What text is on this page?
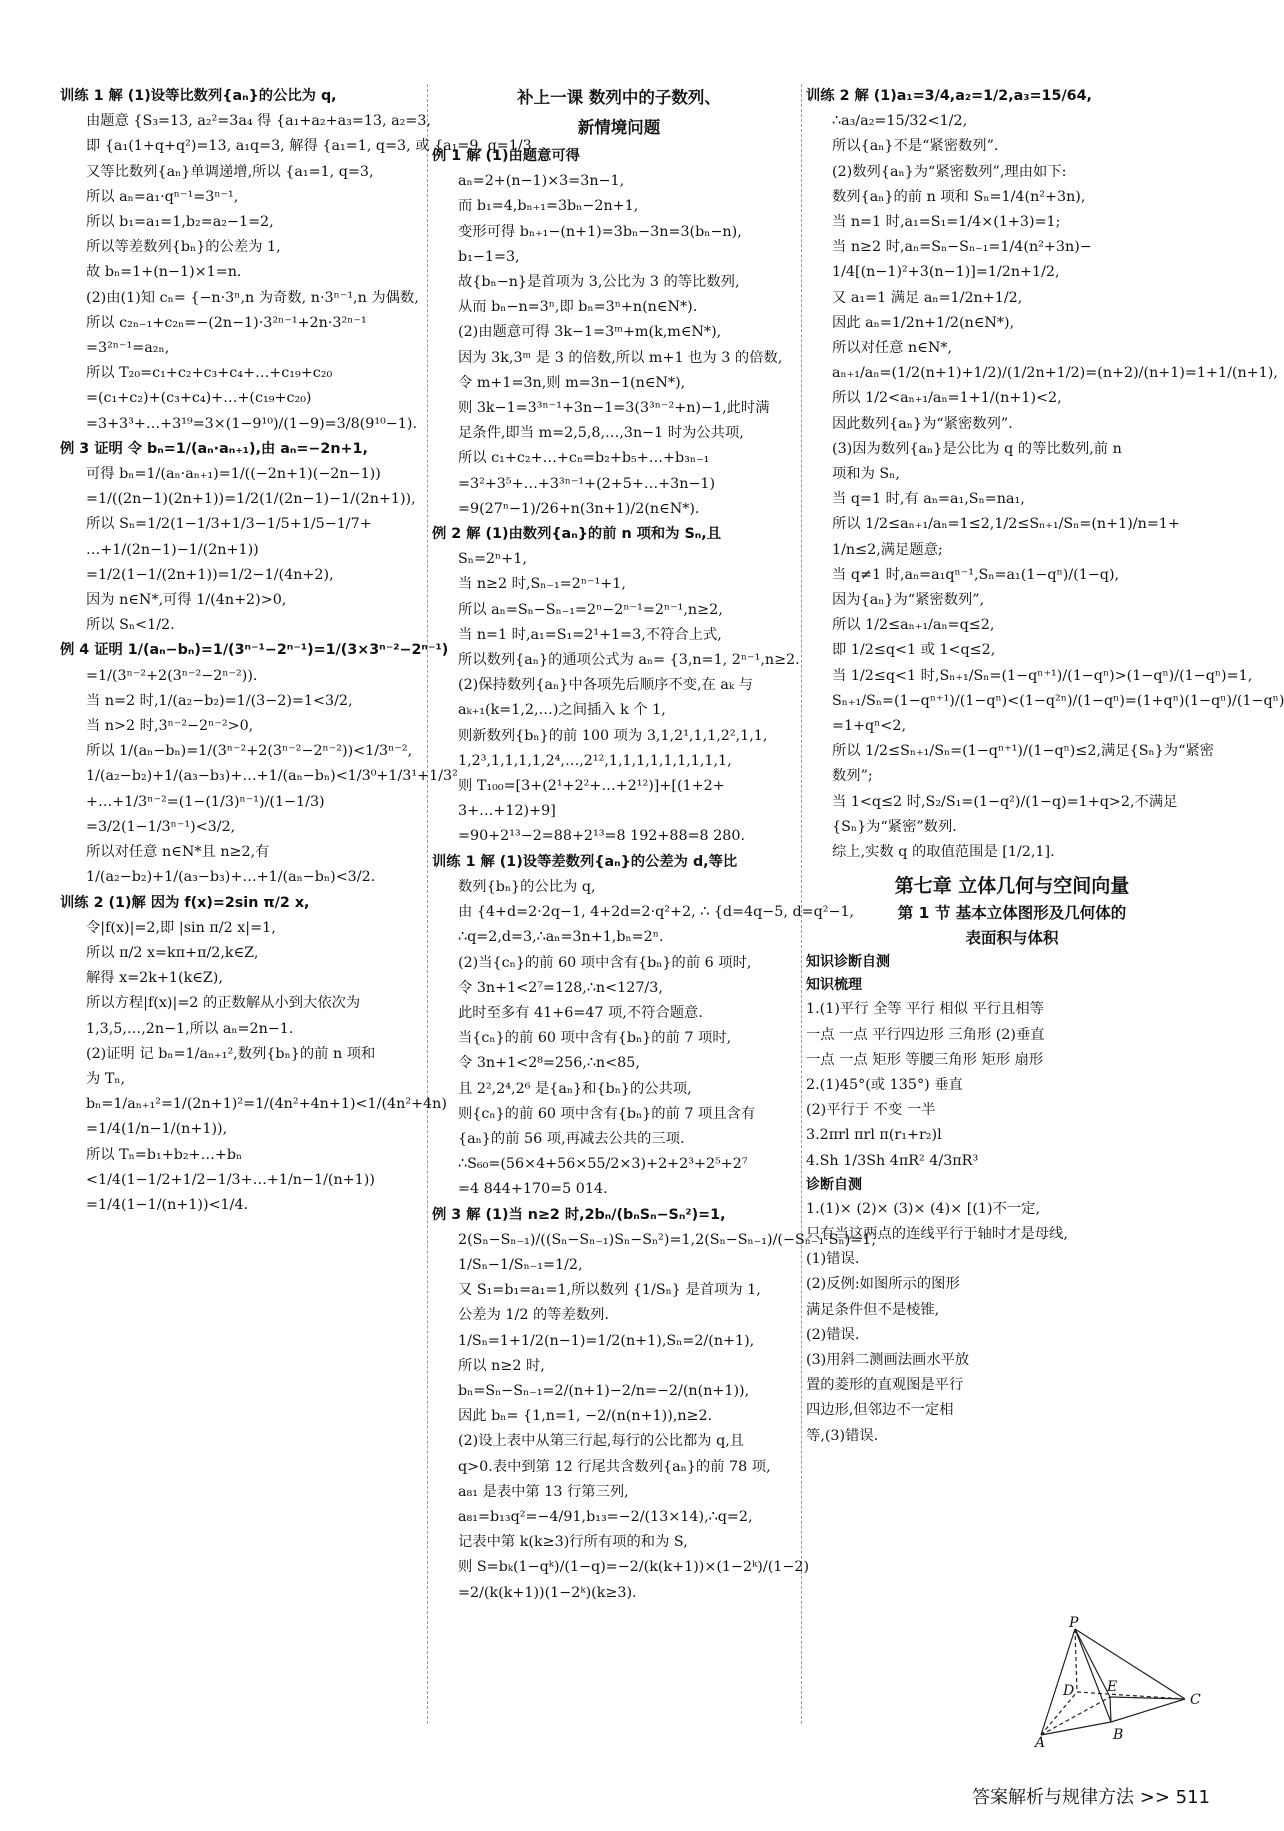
训练 1 解 (1)设等比数列{aₙ}的公比为 q,
由题意 {S₃=13, a₂²=3a₄ 得 {a₁+a₂+a₃=13, a₂=3,
即 {a₁(1+q+q²)=13, a₁q=3, 解得 {a₁=1, q=3, 或 {a₁=9, q=1/3.
又等比数列{aₙ}单调递增,所以 {a₁=1, q=3,
所以 aₙ=a₁·qⁿ⁻¹=3ⁿ⁻¹,
所以 b₁=a₁=1,b₂=a₂−1=2,
所以等差数列{bₙ}的公差为 1,
故 bₙ=1+(n−1)×1=n.
(2)由(1)知 cₙ= {−n·3ⁿ,n 为奇数, n·3ⁿ⁻¹,n 为偶数,
所以 c₂ₙ₋₁+c₂ₙ=−(2n−1)·3²ⁿ⁻¹+2n·3²ⁿ⁻¹
=3²ⁿ⁻¹=a₂ₙ,
所以 T₂₀=c₁+c₂+c₃+c₄+…+c₁₉+c₂₀
=(c₁+c₂)+(c₃+c₄)+…+(c₁₉+c₂₀)
=3+3³+…+3¹⁹=3×(1−9¹⁰)/(1−9)=3/8(9¹⁰−1).
例 3 证明 令 bₙ=1/(aₙ·aₙ₊₁),由 aₙ=−2n+1,
可得 bₙ=1/(aₙ·aₙ₊₁)=1/((−2n+1)(−2n−1))
=1/((2n−1)(2n+1))=1/2(1/(2n−1)−1/(2n+1)),
所以 Sₙ=1/2(1−1/3+1/3−1/5+1/5−1/7+
…+1/(2n−1)−1/(2n+1))
=1/2(1−1/(2n+1))=1/2−1/(4n+2),
因为 n∈N*,可得 1/(4n+2)>0,
所以 Sₙ<1/2.
例 4 证明 1/(aₙ−bₙ)=1/(3ⁿ⁻¹−2ⁿ⁻¹)=1/(3×3ⁿ⁻²−2ⁿ⁻¹)
=1/(3ⁿ⁻²+2(3ⁿ⁻²−2ⁿ⁻²)).
当 n=2 时,1/(a₂−b₂)=1/(3−2)=1<3/2,
当 n>2 时,3ⁿ⁻²−2ⁿ⁻²>0,
所以 1/(aₙ−bₙ)=1/(3ⁿ⁻²+2(3ⁿ⁻²−2ⁿ⁻²))<1/3ⁿ⁻²,
1/(a₂−b₂)+1/(a₃−b₃)+…+1/(aₙ−bₙ)<1/3⁰+1/3¹+1/3²
+…+1/3ⁿ⁻²=(1−(1/3)ⁿ⁻¹)/(1−1/3)
=3/2(1−1/3ⁿ⁻¹)<3/2,
所以对任意 n∈N*且 n≥2,有
1/(a₂−b₂)+1/(a₃−b₃)+…+1/(aₙ−bₙ)<3/2.
训练 2 (1)解 因为 f(x)=2sin π/2 x,
令|f(x)|=2,即 |sin π/2 x|=1,
所以 π/2 x=kπ+π/2,k∈Z,
解得 x=2k+1(k∈Z),
所以方程|f(x)|=2 的正数解从小到大依次为
1,3,5,…,2n−1,所以 aₙ=2n−1.
(2)证明 记 bₙ=1/aₙ₊₁²,数列{bₙ}的前 n 项和
为 Tₙ,
bₙ=1/aₙ₊₁²=1/(2n+1)²=1/(4n²+4n+1)<1/(4n²+4n)
=1/4(1/n−1/(n+1)),
所以 Tₙ=b₁+b₂+…+bₙ
<1/4(1−1/2+1/2−1/3+…+1/n−1/(n+1))
=1/4(1−1/(n+1))<1/4.
补上一课 数列中的子数列、
新情境问题
例 1 解 (1)由题意可得
aₙ=2+(n−1)×3=3n−1,
而 b₁=4,bₙ₊₁=3bₙ−2n+1,
变形可得 bₙ₊₁−(n+1)=3bₙ−3n=3(bₙ−n),
b₁−1=3,
故{bₙ−n}是首项为 3,公比为 3 的等比数列,
从而 bₙ−n=3ⁿ,即 bₙ=3ⁿ+n(n∈N*).
(2)由题意可得 3k−1=3ᵐ+m(k,m∈N*),
因为 3k,3ᵐ 是 3 的倍数,所以 m+1 也为 3 的倍数,
令 m+1=3n,则 m=3n−1(n∈N*),
则 3k−1=3³ⁿ⁻¹+3n−1=3(3³ⁿ⁻²+n)−1,此时满
足条件,即当 m=2,5,8,…,3n−1 时为公共项,
所以 c₁+c₂+…+cₙ=b₂+b₅+…+b₃ₙ₋₁
=3²+3⁵+…+3³ⁿ⁻¹+(2+5+…+3n−1)
=9(27ⁿ−1)/26+n(3n+1)/2(n∈N*).
例 2 解 (1)由数列{aₙ}的前 n 项和为 Sₙ,且
Sₙ=2ⁿ+1,
当 n≥2 时,Sₙ₋₁=2ⁿ⁻¹+1,
所以 aₙ=Sₙ−Sₙ₋₁=2ⁿ−2ⁿ⁻¹=2ⁿ⁻¹,n≥2,
当 n=1 时,a₁=S₁=2¹+1=3,不符合上式,
所以数列{aₙ}的通项公式为 aₙ= {3,n=1, 2ⁿ⁻¹,n≥2.
(2)保持数列{aₙ}中各项先后顺序不变,在 aₖ 与
aₖ₊₁(k=1,2,…)之间插入 k 个 1,
则新数列{bₙ}的前 100 项为 3,1,2¹,1,1,2²,1,1,
1,2³,1,1,1,1,2⁴,…,2¹²,1,1,1,1,1,1,1,1,1,
则 T₁₀₀=[3+(2¹+2²+…+2¹²)]+[(1+2+
3+…+12)+9]
=90+2¹³−2=88+2¹³=8 192+88=8 280.
训练 1 解 (1)设等差数列{aₙ}的公差为 d,等比
数列{bₙ}的公比为 q,
由 {4+d=2·2q−1, 4+2d=2·q²+2, ∴ {d=4q−5, d=q²−1,
∴q=2,d=3,∴aₙ=3n+1,bₙ=2ⁿ.
(2)当{cₙ}的前 60 项中含有{bₙ}的前 6 项时,
令 3n+1<2⁷=128,∴n<127/3,
此时至多有 41+6=47 项,不符合题意.
当{cₙ}的前 60 项中含有{bₙ}的前 7 项时,
令 3n+1<2⁸=256,∴n<85,
且 2²,2⁴,2⁶ 是{aₙ}和{bₙ}的公共项,
则{cₙ}的前 60 项中含有{bₙ}的前 7 项且含有
{aₙ}的前 56 项,再减去公共的三项.
∴S₆₀=(56×4+56×55/2×3)+2+2³+2⁵+2⁷
=4 844+170=5 014.
例 3 解 (1)当 n≥2 时,2bₙ/(bₙSₙ−Sₙ²)=1,
2(Sₙ−Sₙ₋₁)/((Sₙ−Sₙ₋₁)Sₙ−Sₙ²)=1,2(Sₙ−Sₙ₋₁)/(−Sₙ₋₁·Sₙ)=1,
1/Sₙ−1/Sₙ₋₁=1/2,
又 S₁=b₁=a₁=1,所以数列 {1/Sₙ} 是首项为 1,
公差为 1/2 的等差数列.
1/Sₙ=1+1/2(n−1)=1/2(n+1),Sₙ=2/(n+1),
所以 n≥2 时,
bₙ=Sₙ−Sₙ₋₁=2/(n+1)−2/n=−2/(n(n+1)),
因此 bₙ= {1,n=1, −2/(n(n+1)),n≥2.
(2)设上表中从第三行起,每行的公比都为 q,且
q>0.表中到第 12 行尾共含数列{aₙ}的前 78 项,
a₈₁ 是表中第 13 行第三列,
a₈₁=b₁₃q²=−4/91,b₁₃=−2/(13×14),∴q=2,
记表中第 k(k≥3)行所有项的和为 S,
则 S=bₖ(1−qᵏ)/(1−q)=−2/(k(k+1))×(1−2ᵏ)/(1−2)
=2/(k(k+1))(1−2ᵏ)(k≥3).
训练 2 解 (1)a₁=3/4,a₂=1/2,a₃=15/64,
∴a₃/a₂=15/32<1/2,
所以{aₙ}不是“紧密数列”.
(2)数列{aₙ}为“紧密数列”,理由如下:
数列{aₙ}的前 n 项和 Sₙ=1/4(n²+3n),
当 n=1 时,a₁=S₁=1/4×(1+3)=1;
当 n≥2 时,aₙ=Sₙ−Sₙ₋₁=1/4(n²+3n)−
1/4[(n−1)²+3(n−1)]=1/2n+1/2,
又 a₁=1 满足 aₙ=1/2n+1/2,
因此 aₙ=1/2n+1/2(n∈N*),
所以对任意 n∈N*,
aₙ₊₁/aₙ=(1/2(n+1)+1/2)/(1/2n+1/2)=(n+2)/(n+1)=1+1/(n+1),
所以 1/2<aₙ₊₁/aₙ=1+1/(n+1)<2,
因此数列{aₙ}为“紧密数列”.
(3)因为数列{aₙ}是公比为 q 的等比数列,前 n
项和为 Sₙ,
当 q=1 时,有 aₙ=a₁,Sₙ=na₁,
所以 1/2≤aₙ₊₁/aₙ=1≤2,1/2≤Sₙ₊₁/Sₙ=(n+1)/n=1+
1/n≤2,满足题意;
当 q≠1 时,aₙ=a₁qⁿ⁻¹,Sₙ=a₁(1−qⁿ)/(1−q),
因为{aₙ}为“紧密数列”,
所以 1/2≤aₙ₊₁/aₙ=q≤2,
即 1/2≤q<1 或 1<q≤2,
当 1/2≤q<1 时,Sₙ₊₁/Sₙ=(1−qⁿ⁺¹)/(1−qⁿ)>(1−qⁿ)/(1−qⁿ)=1,
Sₙ₊₁/Sₙ=(1−qⁿ⁺¹)/(1−qⁿ)<(1−q²ⁿ)/(1−qⁿ)=(1+qⁿ)(1−qⁿ)/(1−qⁿ)
=1+qⁿ<2,
所以 1/2≤Sₙ₊₁/Sₙ=(1−qⁿ⁺¹)/(1−qⁿ)≤2,满足{Sₙ}为“紧密
数列”;
当 1<q≤2 时,S₂/S₁=(1−q²)/(1−q)=1+q>2,不满足
{Sₙ}为“紧密”数列.
综上,实数 q 的取值范围是 [1/2,1].
第七章 立体几何与空间向量
第 1 节 基本立体图形及几何体的
表面积与体积
知识诊断自测
知识梳理
1.(1)平行 全等 平行 相似 平行且相等
一点 一点 平行四边形 三角形 (2)垂直
一点 一点 矩形 等腰三角形 矩形 扇形
2.(1)45°(或 135°) 垂直
(2)平行于 不变 一半
3.2πrl πrl π(r₁+r₂)l
4.Sh 1/3Sh 4πR² 4/3πR³
诊断自测
1.(1)× (2)× (3)× (4)× [(1)不一定,
只有当这两点的连线平行于轴时才是母线,
(1)错误.
(2)反例:如图所示的图形
满足条件但不是棱锥,
(2)错误.
(3)用斜二测画法画水平放
置的菱形的直观图是平行
四边形,但邻边不一定相
等,(3)错误.
P
D E
C
A	B
答案解析与规律方法 >> 511
